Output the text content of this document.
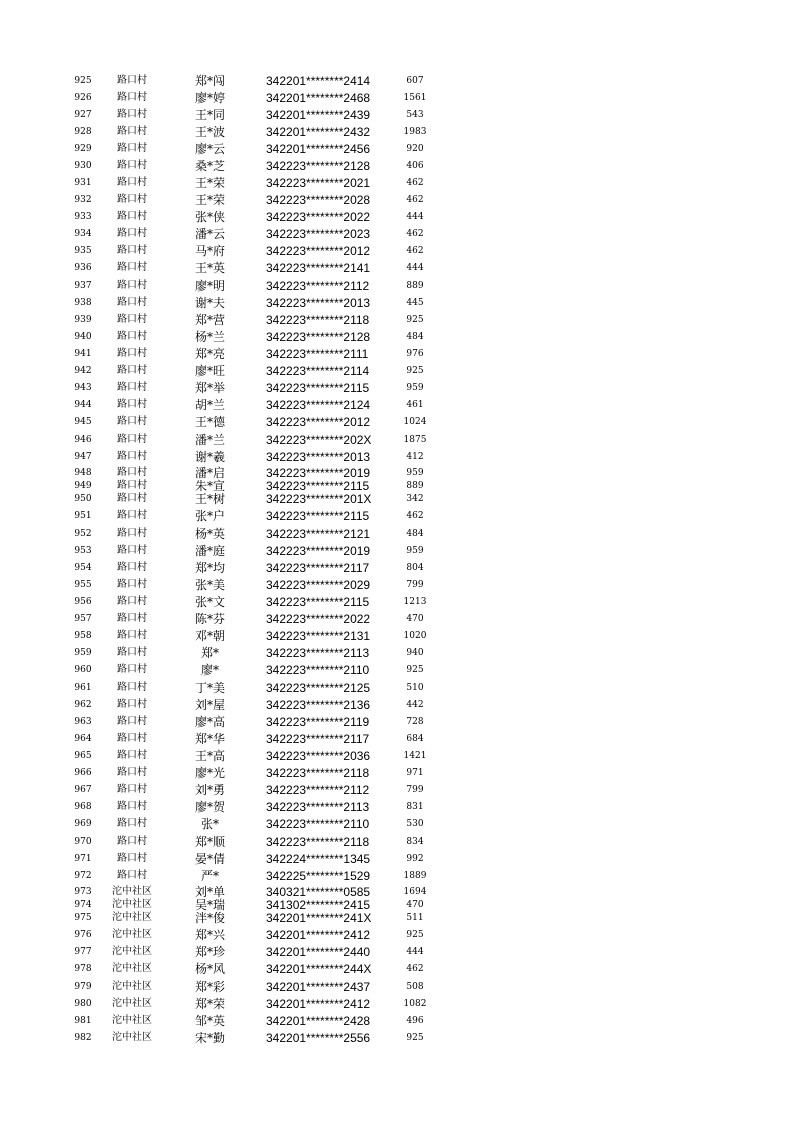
925	路口村	郑*闯	342201********2414	607
926	路口村	廖*婷	342201********2468	1561
927	路口村	王*同	342201********2439	543
928	路口村	王*波	342201********2432	1983
929	路口村	廖*云	342201********2456	920
930	路口村	桑*芝	342223********2128	406
931	路口村	王*荣	342223********2021	462
932	路口村	王*荣	342223********2028	462
933	路口村	张*侠	342223********2022	444
934	路口村	潘*云	342223********2023	462
935	路口村	马*府	342223********2012	462
936	路口村	王*英	342223********2141	444
937	路口村	廖*明	342223********2112	889
938	路口村	谢*夫	342223********2013	445
939	路口村	郑*营	342223********2118	925
940	路口村	杨*兰	342223********2128	484
941	路口村	郑*亮	342223********2111	976
942	路口村	廖*旺	342223********2114	925
943	路口村	郑*举	342223********2115	959
944	路口村	胡*兰	342223********2124	461
945	路口村	王*德	342223********2012	1024
946	路口村	潘*兰	342223********202X	1875
947	路口村	谢*羲	342223********2013	412
948	路口村	潘*启	342223********2019	959
949	路口村	朱*宣	342223********2115	889
950	路口村	王*树	342223********201X	342
951	路口村	张*户	342223********2115	462
952	路口村	杨*英	342223********2121	484
953	路口村	潘*庭	342223********2019	959
954	路口村	郑*均	342223********2117	804
955	路口村	张*美	342223********2029	799
956	路口村	张*文	342223********2115	1213
957	路口村	陈*芬	342223********2022	470
958	路口村	邓*朝	342223********2131	1020
959	路口村	郑*	342223********2113	940
960	路口村	廖*	342223********2110	925
961	路口村	丁*美	342223********2125	510
962	路口村	刘*屋	342223********2136	442
963	路口村	廖*高	342223********2119	728
964	路口村	郑*华	342223********2117	684
965	路口村	王*高	342223********2036	1421
966	路口村	廖*光	342223********2118	971
967	路口村	刘*勇	342223********2112	799
968	路口村	廖*贺	342223********2113	831
969	路口村	张*	342223********2110	530
970	路口村	郑*顺	342223********2118	834
971	路口村	晏*倩	342224********1345	992
972	路口村	严*	342225********1529	1889
973	沱中社区	刘*单	340321********0585	1694
974	沱中社区	吴*瑞	341302********2415	470
975	沱中社区	泮*俊	342201********241X	511
976	沱中社区	郑*兴	342201********2412	925
977	沱中社区	郑*珍	342201********2440	444
978	沱中社区	杨*风	342201********244X	462
979	沱中社区	郑*彩	342201********2437	508
980	沱中社区	郑*荣	342201********2412	1082
981	沱中社区	邹*英	342201********2428	496
982	沱中社区	宋*勤	342201********2556	925
